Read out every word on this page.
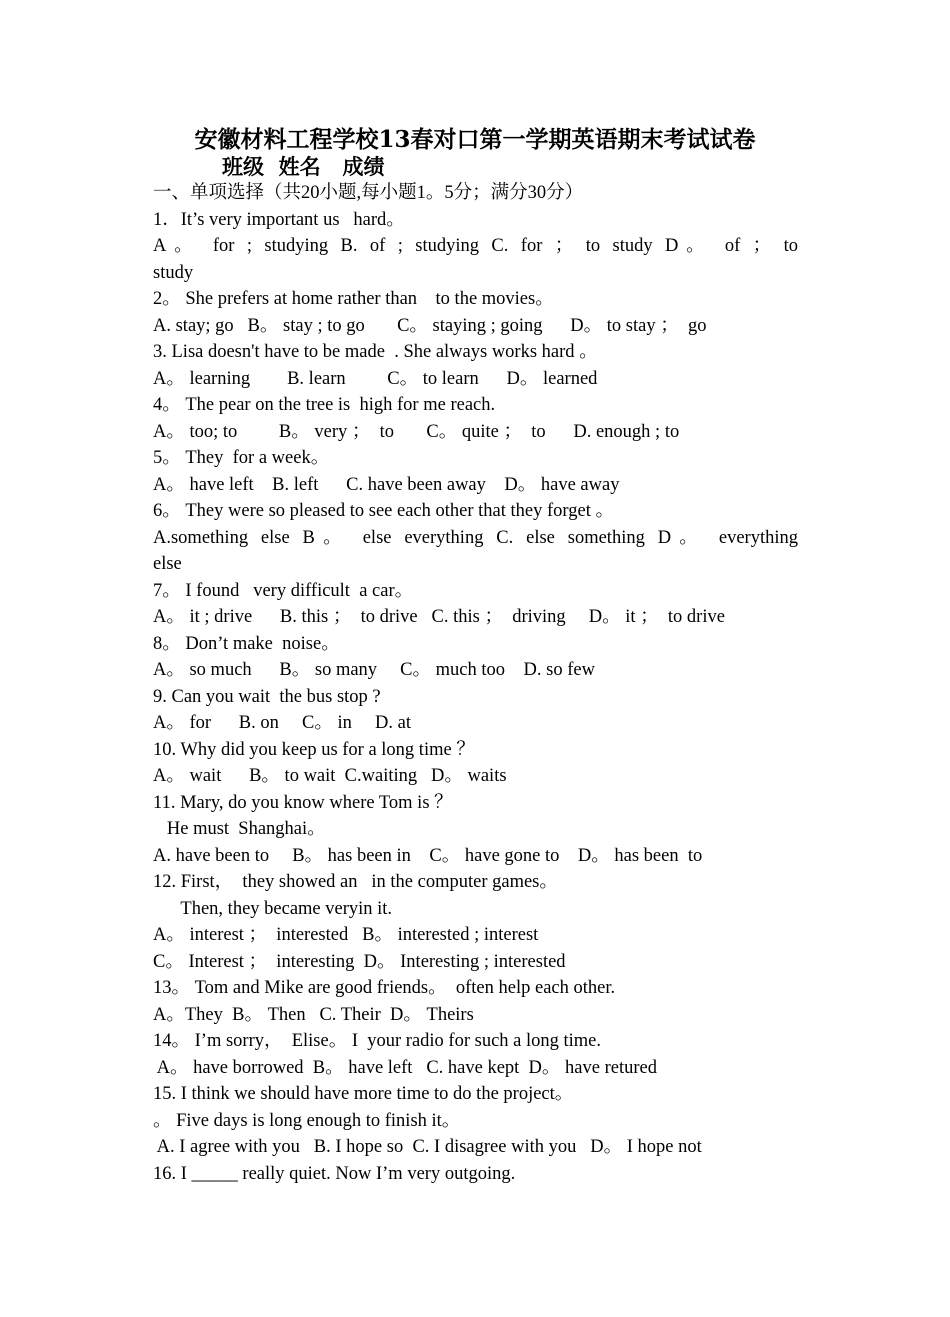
安徽材料工程学校13春对口第一学期英语期末考试试卷
班级  姓名   成绩
一、单项选择（共20小题,每小题1。5分；满分30分）
1．It’s very important us   hard。
A。 for ; studying B. of ; studying C. for ； to study D。 of ； to
study
2。 She prefers at home rather than    to the movies。
A. stay; go   B。 stay ; to go       C。 staying ; going      D。 to stay ；  go
3. Lisa doesn't have to be made  . She always works hard 。
A。 learning        B. learn         C。 to learn      D。 learned
4。 The pear on the tree is  high for me reach.
A。 too; to         B。 very ；  to       C。 quite ；  to      D. enough ; to
5。 They  for a week。
A。 have left    B. left      C. have been away    D。 have away
6。 They were so pleased to see each other that they forget 。
A.something else B。 else everything C. else something D。 everything
else
7。 I found   very difficult  a car。
A。 it ; drive      B. this ；  to drive   C. this ；  driving     D。 it ；  to drive
8。 Don’t make  noise。
A。 so much      B。 so many     C。 much too    D. so few
9. Can you wait  the bus stop ?
A。 for      B. on     C。 in     D. at
10. Why did you keep us for a long time ？
A。 wait      B。 to wait  C.waiting   D。 waits
11. Mary, do you know where Tom is ？
He must  Shanghai。
A. have been to     B。 has been in    C。 have gone to    D。 has been  to
12. First，  they showed an   in the computer games。
Then, they became veryin it.
A。 interest ；  interested   B。 interested ; interest
C。 Interest ；  interesting  D。 Interesting ; interested
13。 Tom and Mike are good friends。  often help each other.
A。They  B。 Then   C. Their  D。 Theirs
14。 I’m sorry，  Elise。 I  your radio for such a long time.
A。 have borrowed  B。 have left   C. have kept  D。 have retured
15. I think we should have more time to do the project。
。 Five days is long enough to finish it。
A. I agree with you   B. I hope so  C. I disagree with you   D。 I hope not
16. I _____ really quiet. Now I’m very outgoing.
